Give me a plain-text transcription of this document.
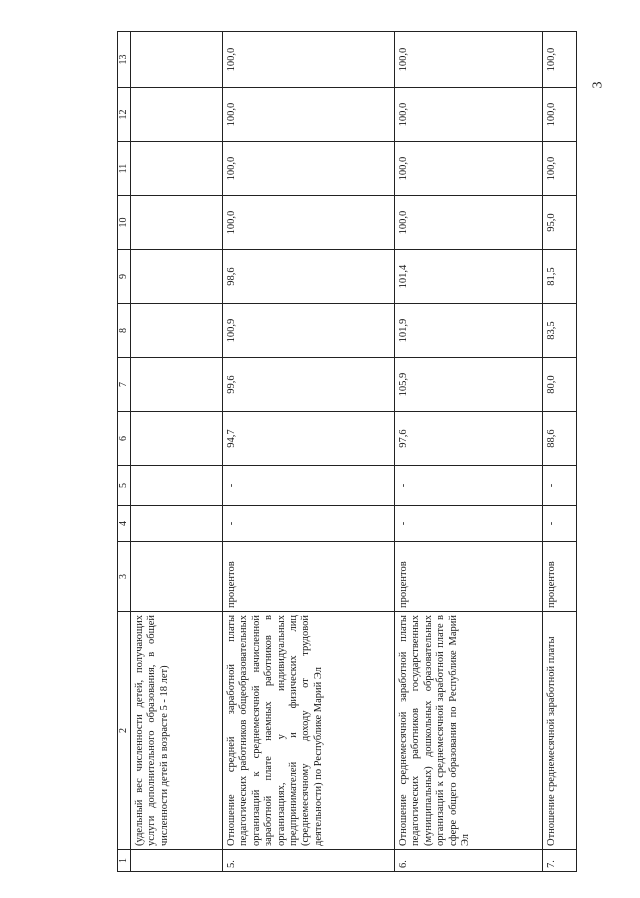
3
1	2	3	4	5	6	7	8	9	10	11	12	13
	(удельный вес численности детей, получающих услуги дополнительного образования, в общей численности детей в возрасте 5 - 18 лет)											
5.	Отношение средней заработной платы педагогических работников общеобразовательных организаций к среднемесячной начисленной заработной плате наемных работников в организациях, у индивидуальных предпринимателей и физических лиц (среднемесячному доходу от трудовой деятельности) по Республике Марий Эл	процентов	-	-	94,7	99,6	100,9	98,6	100,0	100,0	100,0	100,0
6.	Отношение среднемесячной заработной платы педагогических работников государственных (муниципальных) дошкольных образовательных организаций к среднемесячной заработной плате в сфере общего образования по Республике Марий Эл	процентов	-	-	97,6	105,9	101,9	101,4	100,0	100,0	100,0	100,0
7.	Отношение среднемесячной заработной платы	процентов	-	-	88,6	80,0	83,5	81,5	95,0	100,0	100,0	100,0
